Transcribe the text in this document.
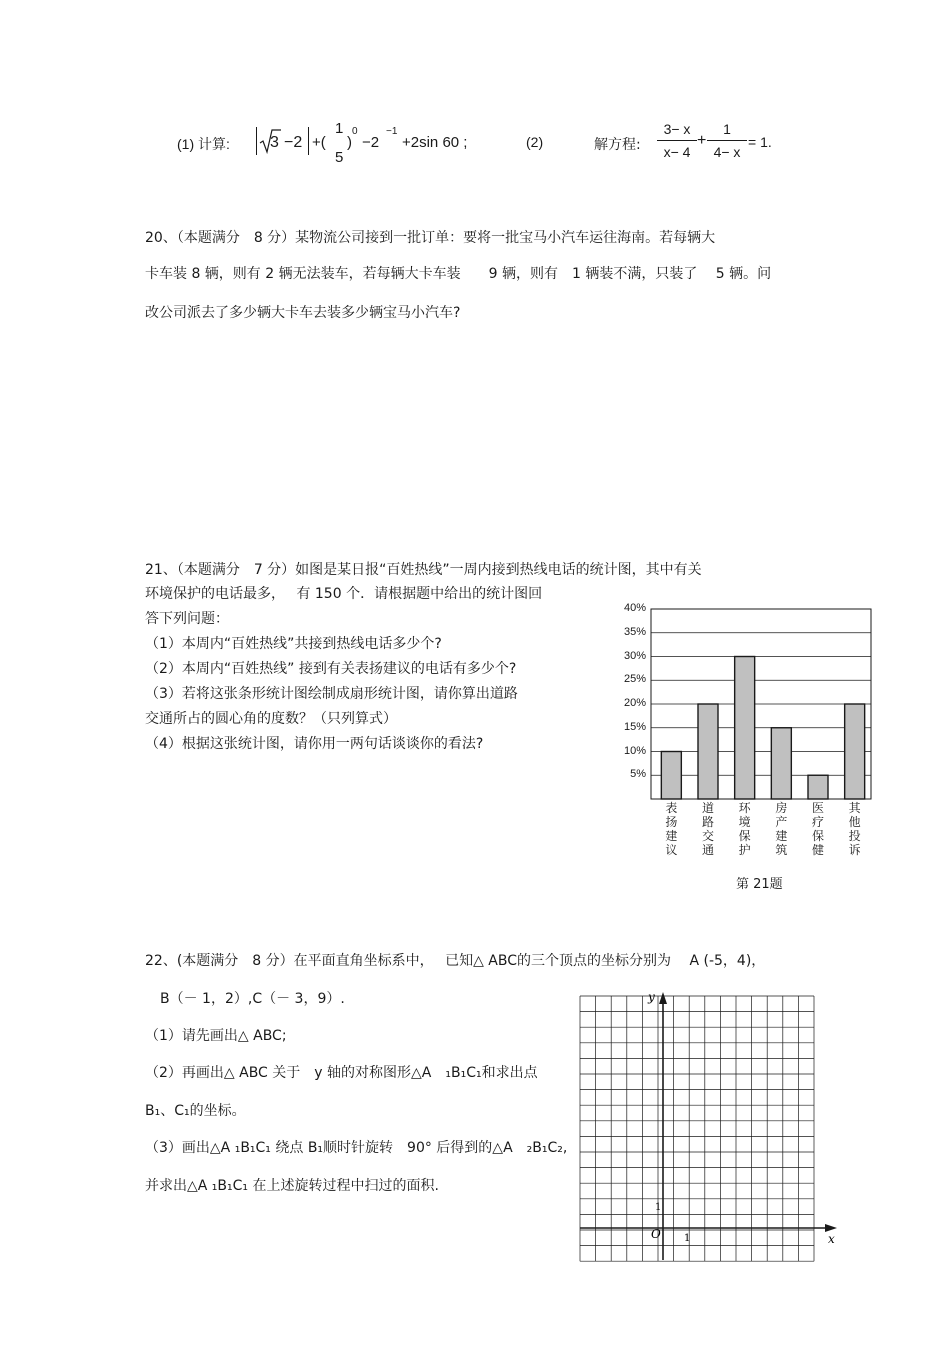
(1) 计算:	3 −2 +(
1
5
)
0
−2
−1
+2sin 60 ;	(2)	解方程:
3− x
x− 4
+
1
4− x
= 1.
20、（本题满分　8 分）某物流公司接到一批订单：要将一批宝马小汽车运往海南。若每辆大
卡车装 8 辆，则有 2 辆无法装车，若每辆大卡车装　　9 辆，则有　1 辆装不满，只装了　 5 辆。问
改公司派去了多少辆大卡车去装多少辆宝马小汽车?
21、（本题满分　7 分）如图是某日报“百姓热线”一周内接到热线电话的统计图，其中有关
环境保护的电话最多，　 有 150 个．请根据题中给出的统计图回
答下列问题：
（1）本周内“百姓热线”共接到热线电话多少个?
（2）本周内“百姓热线” 接到有关表扬建议的电话有多少个?
（3）若将这张条形统计图绘制成扇形统计图，请你算出道路
交通所占的圆心角的度数？（只列算式）
（4）根据这张统计图，请你用一两句话谈谈你的看法?
5%
10%
15%
20%
25%
30%
35%
40%
表扬建议
道路交通
环境保护
房产建筑
医疗保健
其他投诉
第 21题
22、(本题满分　8 分）在平面直角坐标系中，　 已知△ ABC的三个顶点的坐标分别为　 A (-5，4)，
B（－ 1，2）,C（－ 3，9）.
（1）请先画出△ ABC;
（2）再画出△ ABC 关于　y 轴的对称图形△A　₁B₁C₁和求出点
B₁、C₁的坐标。
（3）画出△A ₁B₁C₁ 绕点 B₁顺时针旋转　90° 后得到的△A　₂B₁C₂,
并求出△A ₁B₁C₁ 在上述旋转过程中扫过的面积.
y
x
O 1
1
